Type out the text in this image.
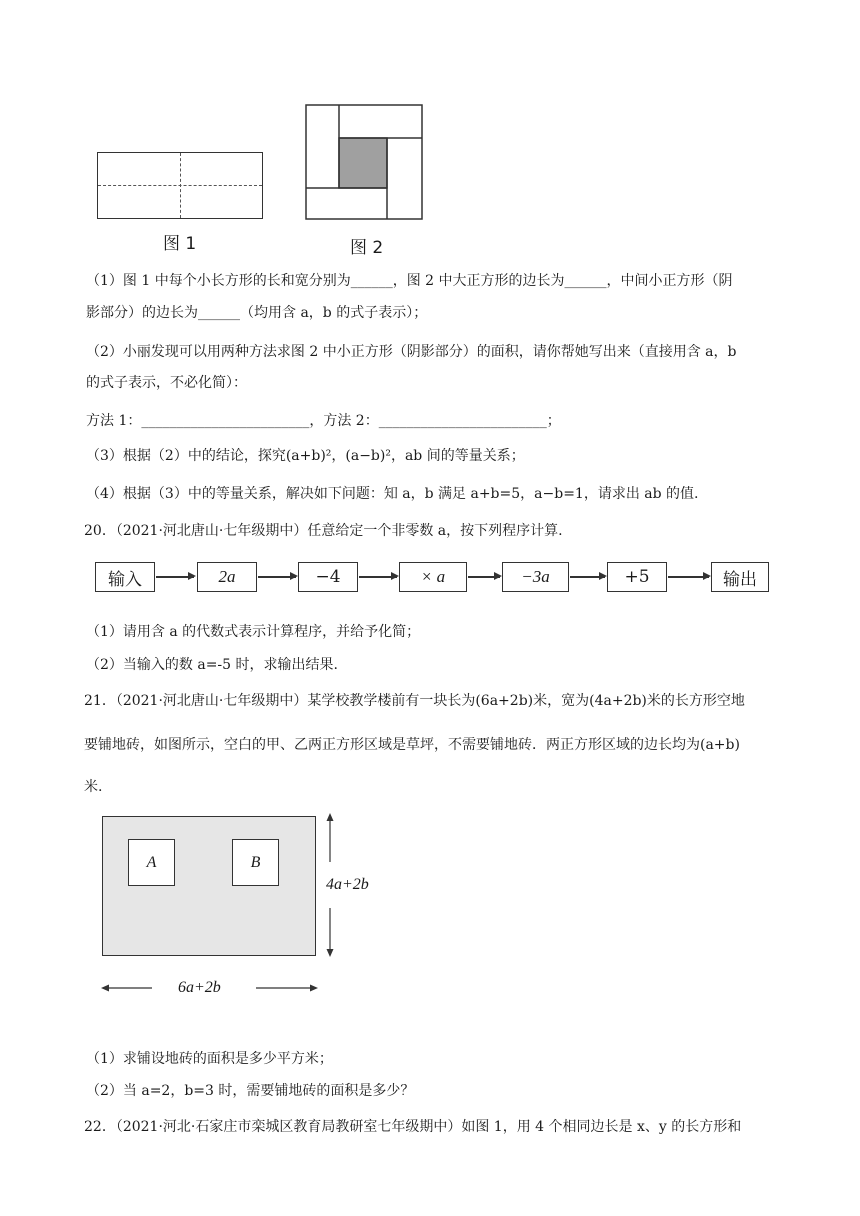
图 1	图 2
（1）图 1 中每个小长方形的长和宽分别为______，图 2 中大正方形的边长为______，中间小正方形（阴
影部分）的边长为______（均用含 a，b 的式子表示）；
（2）小丽发现可以用两种方法求图 2 中小正方形（阴影部分）的面积，请你帮她写出来（直接用含 a，b
的式子表示，不必化简）：
方法 1：________________________，方法 2：________________________；
（3）根据（2）中的结论，探究(a+b)²，(a−b)²，ab 间的等量关系；
（4）根据（3）中的等量关系，解决如下问题：知 a，b 满足 a+b=5，a−b=1，请求出 ab 的值.
20．（2021·河北唐山·七年级期中）任意给定一个非零数 a，按下列程序计算.
输入	2a	−4	× a	−3a	+5	输出
（1）请用含 a 的代数式表示计算程序，并给予化简；
（2）当输入的数 a=-5 时，求输出结果.
21．（2021·河北唐山·七年级期中）某学校教学楼前有一块长为(6a+2b)米，宽为(4a+2b)米的长方形空地
要铺地砖，如图所示，空白的甲、乙两正方形区域是草坪，不需要铺地砖．两正方形区域的边长均为(a+b)
米.
A	B
4a+2b
6a+2b
（1）求铺设地砖的面积是多少平方米；
（2）当 a=2，b=3 时，需要铺地砖的面积是多少？
22．（2021·河北·石家庄市栾城区教育局教研室七年级期中）如图 1，用 4 个相同边长是 x、y 的长方形和
